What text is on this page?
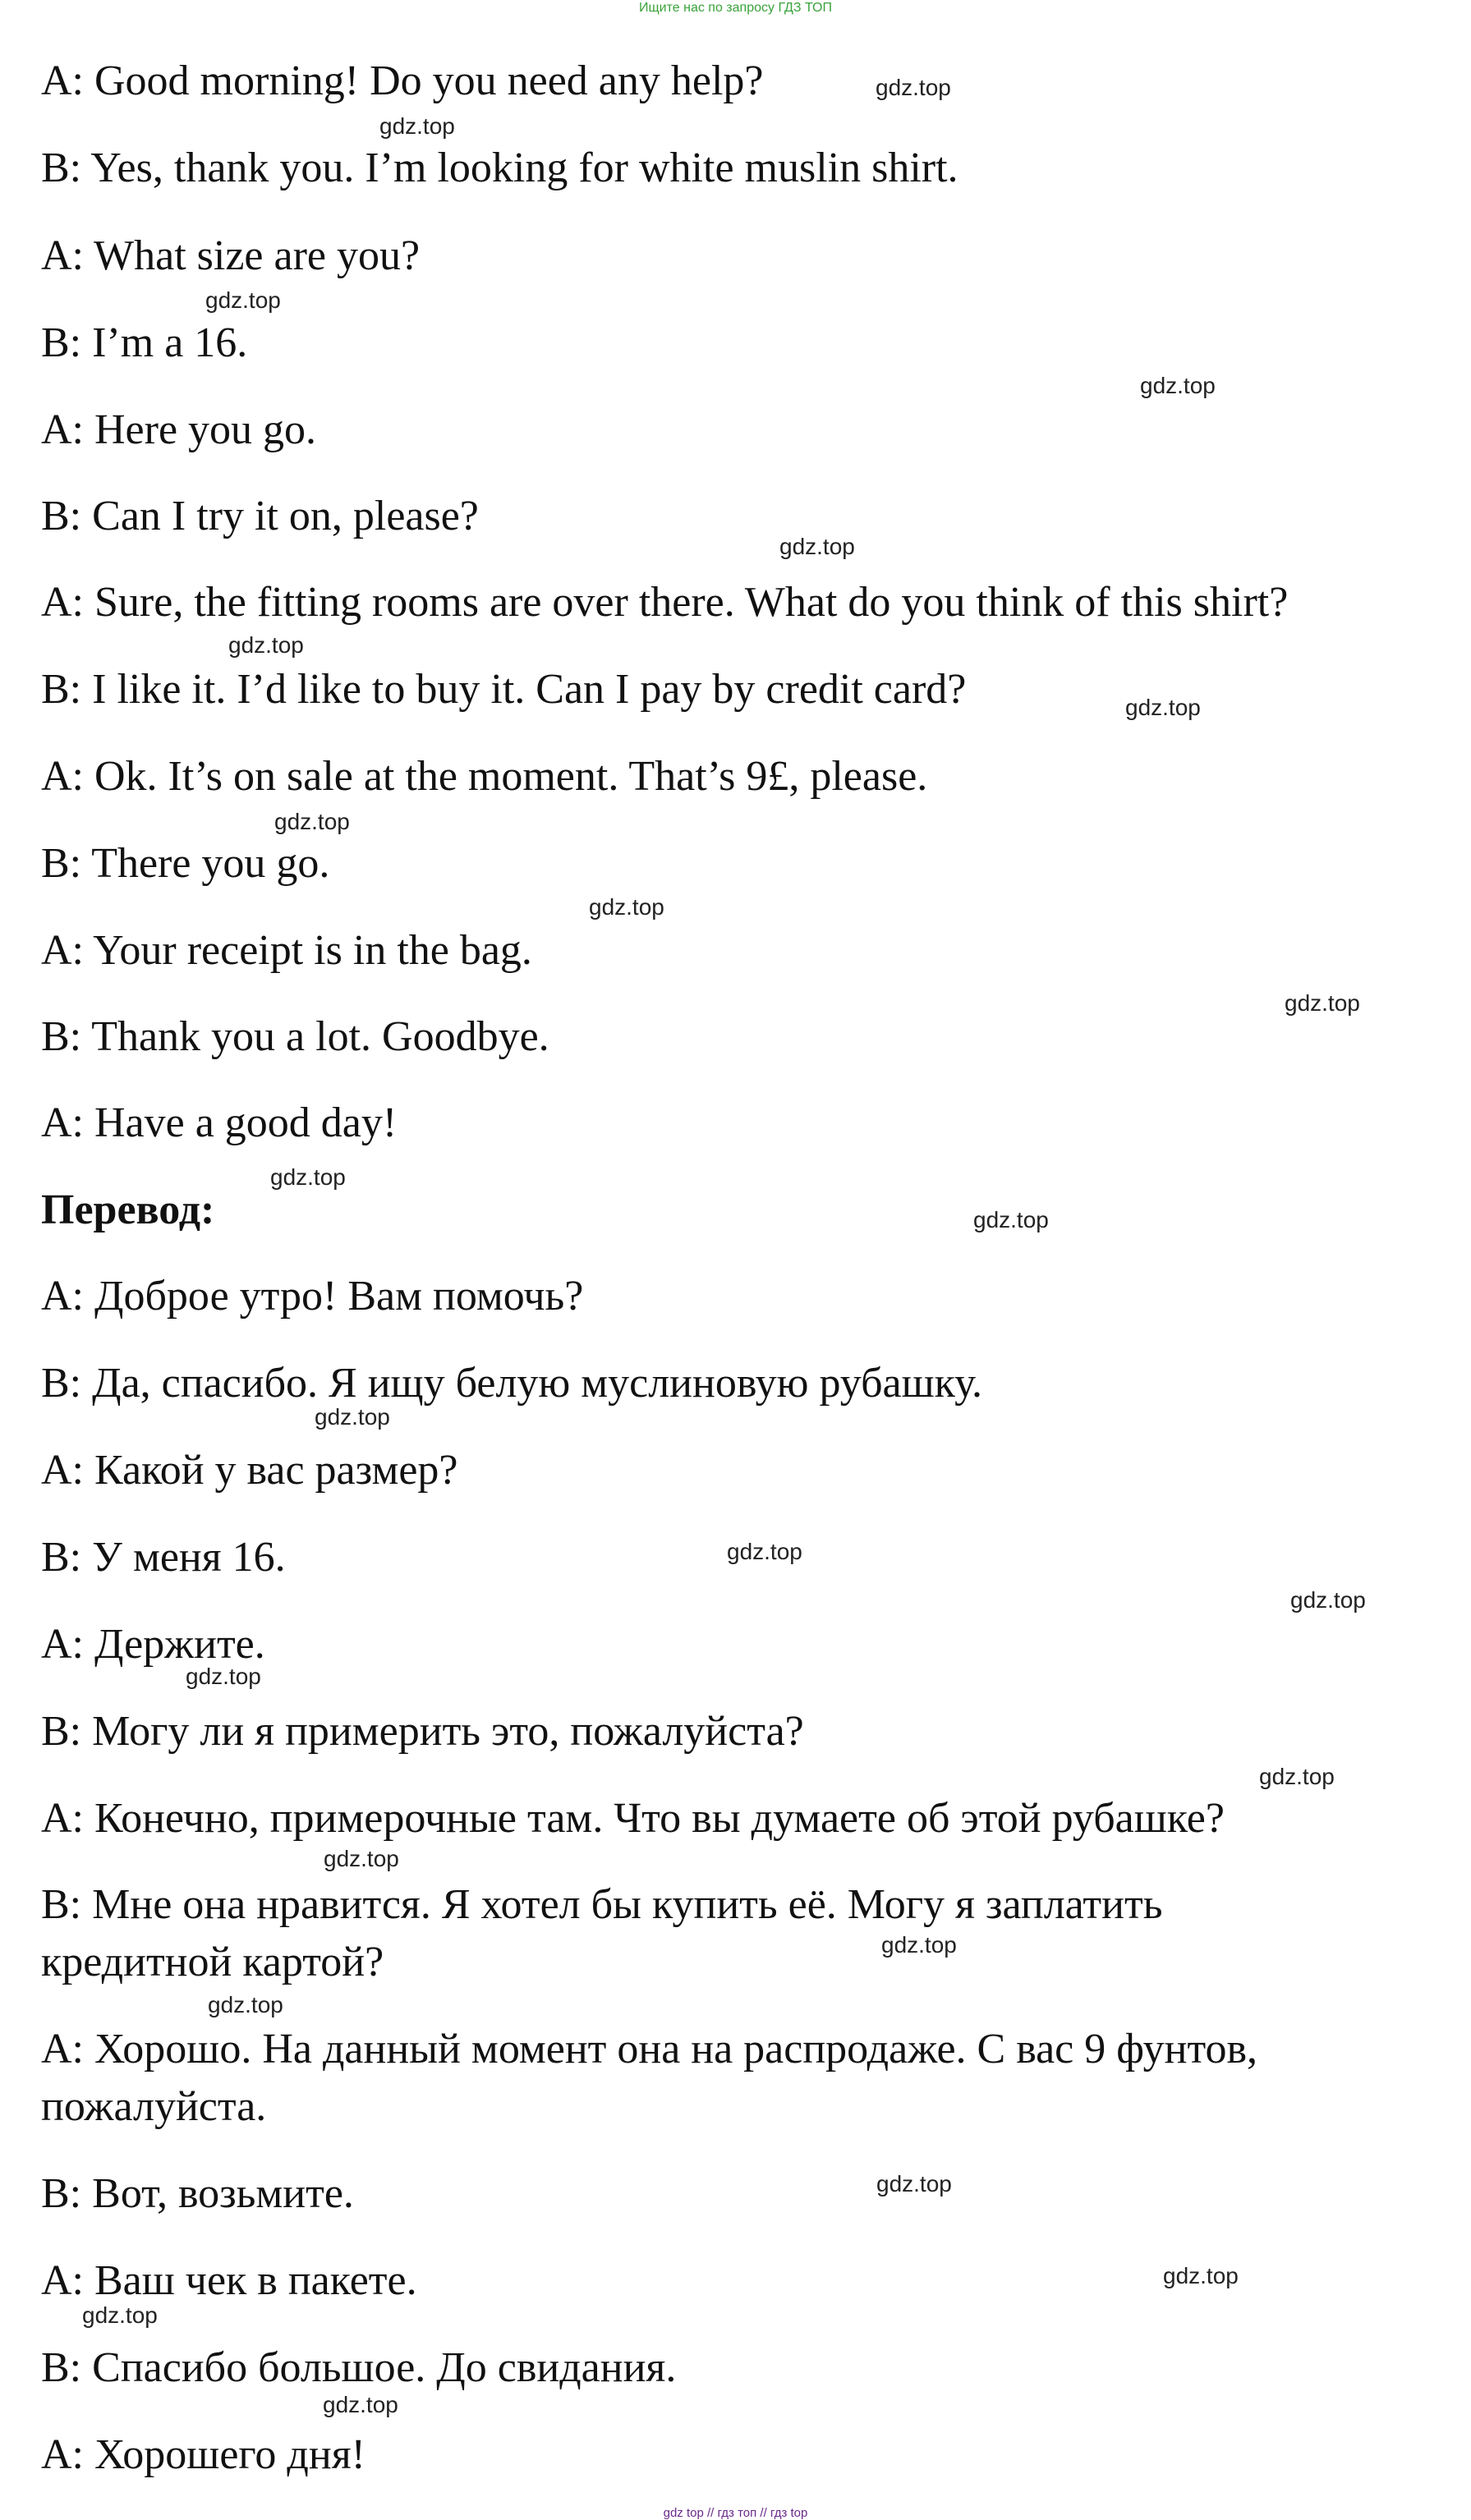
Ищите нас по запросу ГДЗ ТОП
A: Good morning! Do you need any help?
B: Yes, thank you. I’m looking for white muslin shirt.
A: What size are you?
B: I’m a 16.
A: Here you go.
B: Can I try it on, please?
A: Sure, the fitting rooms are over there. What do you think of this shirt?
B: I like it. I’d like to buy it. Can I pay by credit card?
A: Ok. It’s on sale at the moment. That’s 9£, please.
B: There you go.
A: Your receipt is in the bag.
B: Thank you a lot. Goodbye.
A: Have a good day!
Перевод:
A: Доброе утро! Вам помочь?
B: Да, спасибо. Я ищу белую муслиновую рубашку.
A: Какой у вас размер?
B: У меня 16.
A: Держите.
B: Могу ли я примерить это, пожалуйста?
A: Конечно, примерочные там. Что вы думаете об этой рубашке?
B: Мне она нравится. Я хотел бы купить её. Могу я заплатить
кредитной картой?
A: Хорошо. На данный момент она на распродаже. С вас 9 фунтов,
пожалуйста.
B: Вот, возьмите.
A: Ваш чек в пакете.
B: Спасибо большое. До свидания.
A: Хорошего дня!
gdz.top
gdz.top
gdz.top
gdz.top
gdz.top
gdz.top
gdz.top
gdz.top
gdz.top
gdz.top
gdz.top
gdz.top
gdz.top
gdz.top
gdz.top
gdz.top
gdz.top
gdz.top
gdz.top
gdz.top
gdz.top
gdz.top
gdz.top
gdz.top
gdz top // гдз топ // гдз top
